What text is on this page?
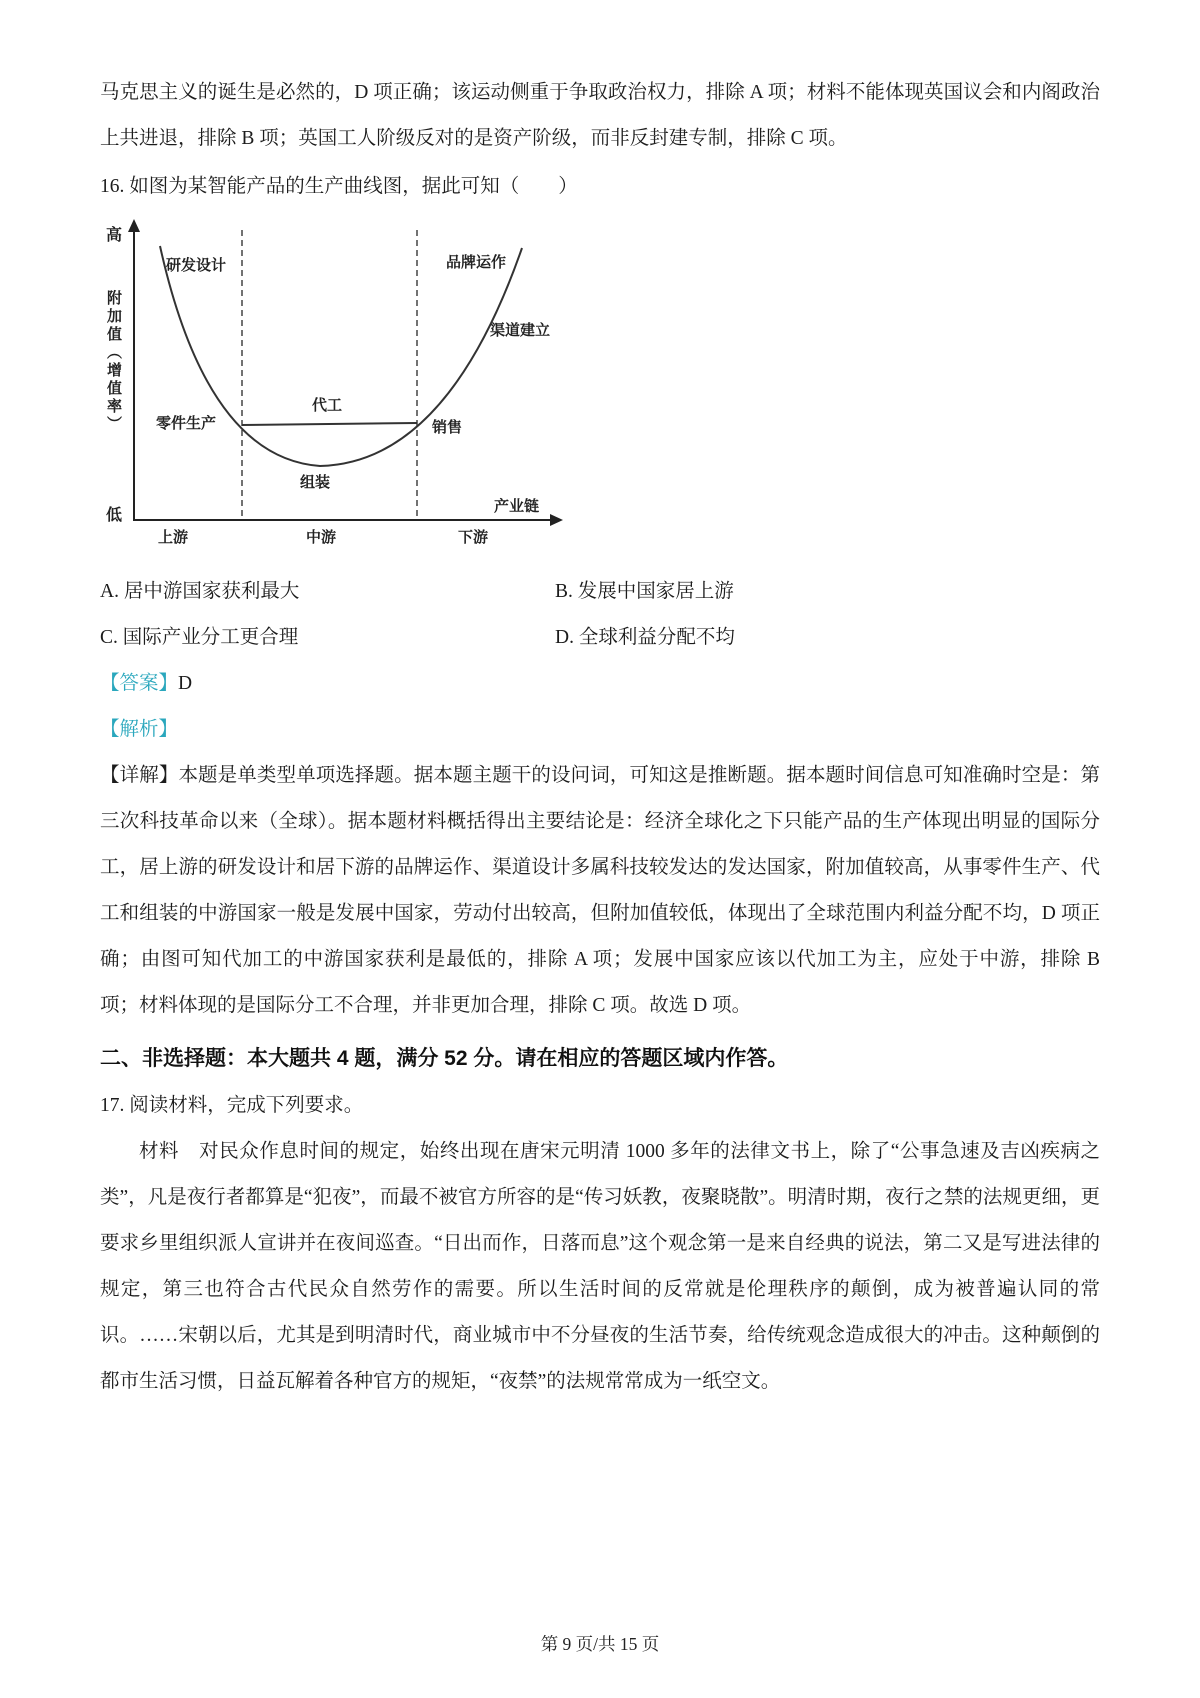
马克思主义的诞生是必然的，D 项正确；该运动侧重于争取政治权力，排除 A 项；材料不能体现英国议会和内阁政治上共进退，排除 B 项；英国工人阶级反对的是资产阶级，而非反封建专制，排除 C 项。

16. 如图为某智能产品的生产曲线图，据此可知（　　）

高
附加值（增值率）
低
研发设计	品牌运作
渠道建立
代工
零件生产	销售
组装
产业链
上游	中游	下游
A. 居中游国家获利最大	B. 发展中国家居上游
C. 国际产业分工更合理	D. 全球利益分配不均

【答案】D

【解析】

【详解】本题是单类型单项选择题。据本题主题干的设问词，可知这是推断题。据本题时间信息可知准确时空是：第三次科技革命以来（全球）。据本题材料概括得出主要结论是：经济全球化之下只能产品的生产体现出明显的国际分工，居上游的研发设计和居下游的品牌运作、渠道设计多属科技较发达的发达国家，附加值较高，从事零件生产、代工和组装的中游国家一般是发展中国家，劳动付出较高，但附加值较低，体现出了全球范围内利益分配不均，D 项正确；由图可知代加工的中游国家获利是最低的，排除 A 项；发展中国家应该以代加工为主，应处于中游，排除 B 项；材料体现的是国际分工不合理，并非更加合理，排除 C 项。故选 D 项。

二、非选择题：本大题共 4 题，满分 52 分。请在相应的答题区域内作答。

17. 阅读材料，完成下列要求。

材料　对民众作息时间的规定，始终出现在唐宋元明清 1000 多年的法律文书上，除了“公事急速及吉凶疾病之类”，凡是夜行者都算是“犯夜”，而最不被官方所容的是“传习妖教，夜聚晓散”。明清时期，夜行之禁的法规更细，更要求乡里组织派人宣讲并在夜间巡查。“日出而作，日落而息”这个观念第一是来自经典的说法，第二又是写进法律的规定，第三也符合古代民众自然劳作的需要。所以生活时间的反常就是伦理秩序的颠倒，成为被普遍认同的常识。……宋朝以后，尤其是到明清时代，商业城市中不分昼夜的生活节奏，给传统观念造成很大的冲击。这种颠倒的都市生活习惯，日益瓦解着各种官方的规矩，“夜禁”的法规常常成为一纸空文。

第 9 页/共 15 页
